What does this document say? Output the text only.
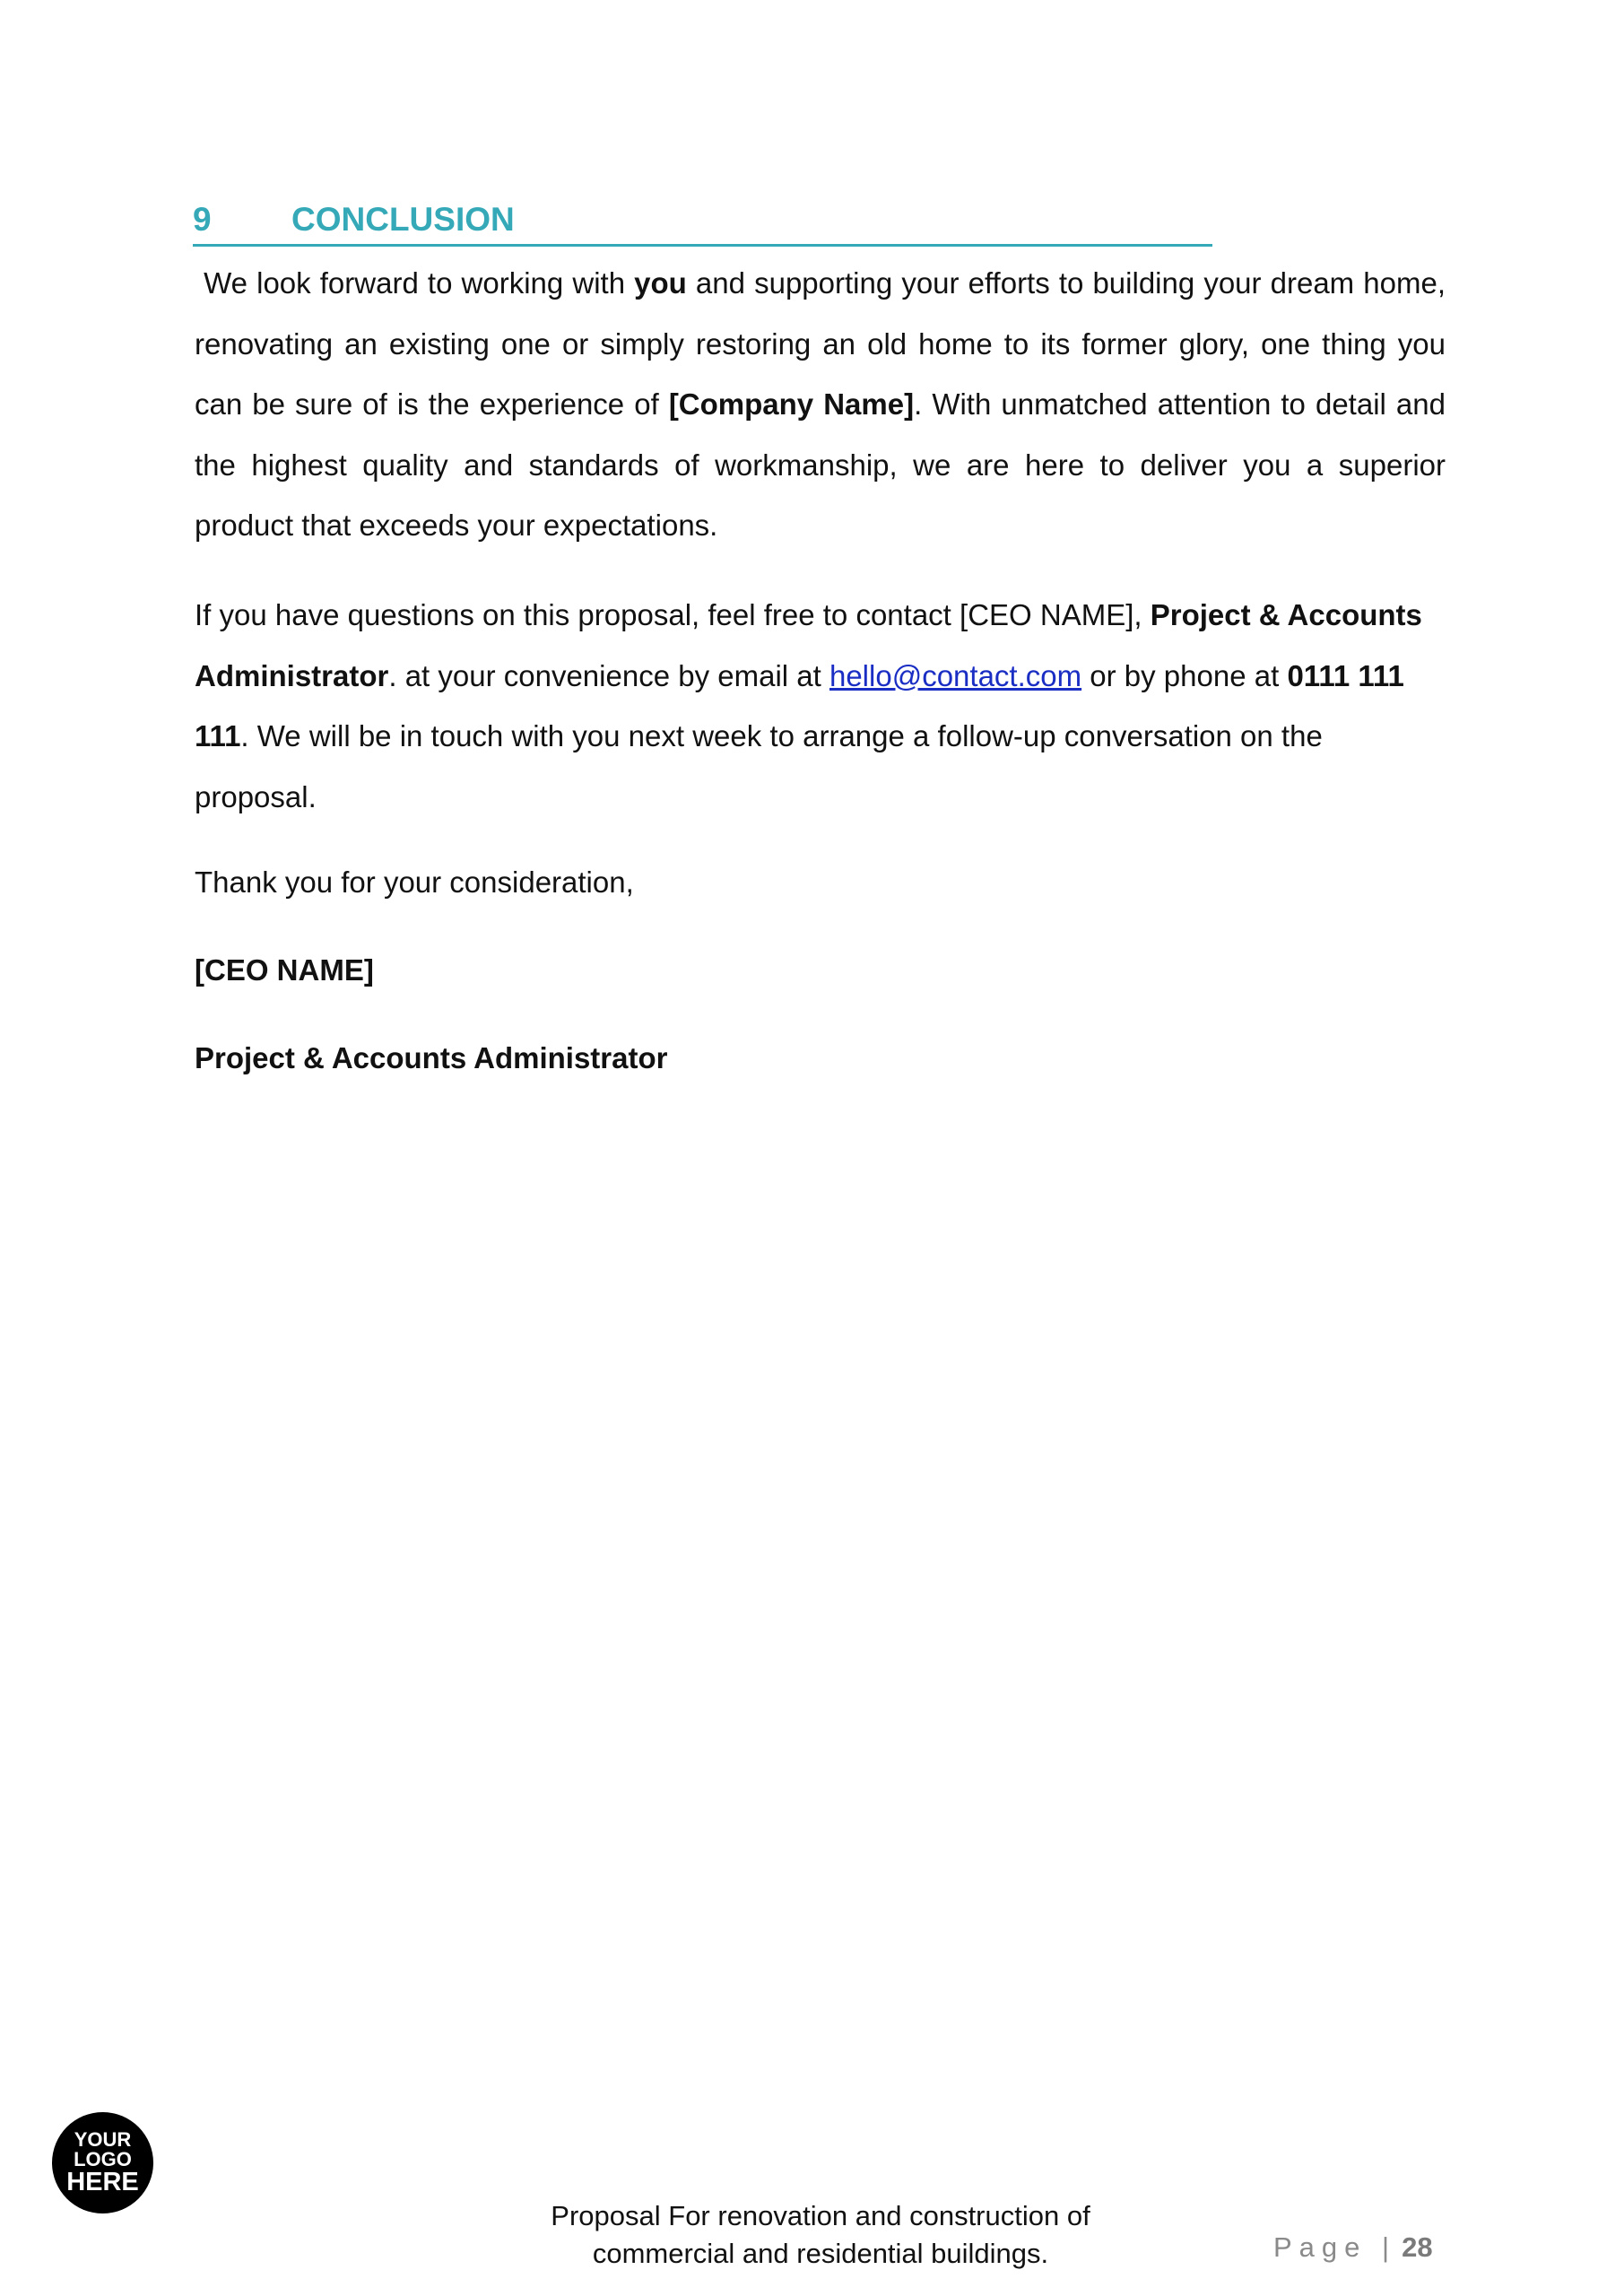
9 CONCLUSION

We look forward to working with you and supporting your efforts to building your dream home, renovating an existing one or simply restoring an old home to its former glory, one thing you can be sure of is the experience of [Company Name]. With unmatched attention to detail and the highest quality and standards of workmanship, we are here to deliver you a superior product that exceeds your expectations.

If you have questions on this proposal, feel free to contact [CEO NAME], Project & Accounts Administrator. at your convenience by email at hello@contact.com or by phone at 0111 111 111. We will be in touch with you next week to arrange a follow-up conversation on the proposal.

Thank you for your consideration,

[CEO NAME]

Project & Accounts Administrator

YOUR
LOGO
HERE
Proposal For renovation and construction of
commercial and residential buildings.	Page | 28
